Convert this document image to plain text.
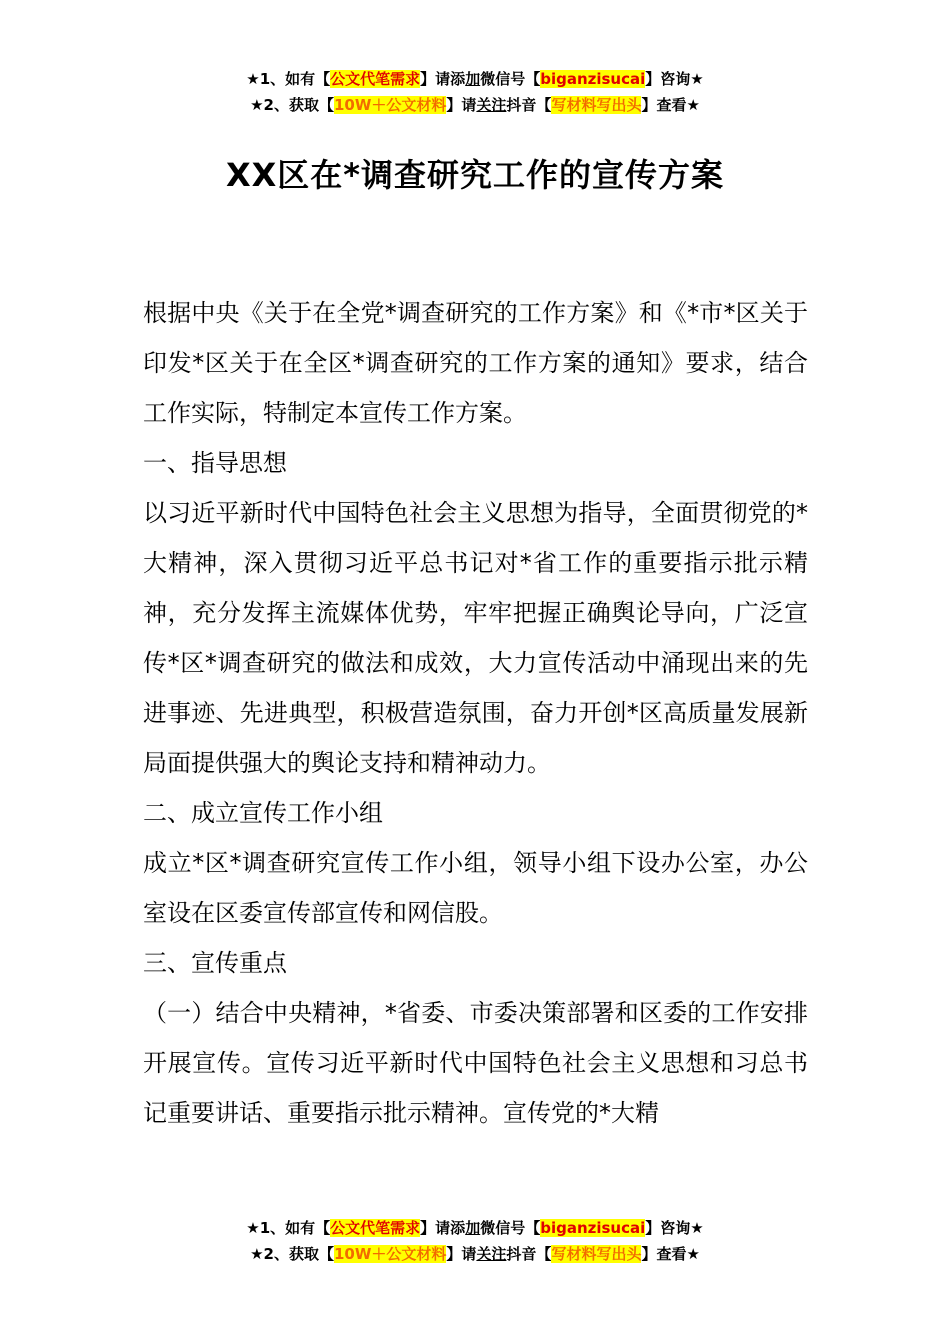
★1、如有【公文代笔需求】请添加微信号【biganzisucai】咨询★
★2、获取【10W＋公文材料】请关注抖音【写材料写出头】查看★
XX区在*调查研究工作的宣传方案

根据中央《关于在全党*调查研究的工作方案》和《*市*区关于印发*区关于在全区*调查研究的工作方案的通知》要求，结合工作实际，特制定本宣传工作方案。

一、指导思想

以习近平新时代中国特色社会主义思想为指导，全面贯彻党的*大精神，深入贯彻习近平总书记对*省工作的重要指示批示精神，充分发挥主流媒体优势，牢牢把握正确舆论导向，广泛宣传*区*调查研究的做法和成效，大力宣传活动中涌现出来的先进事迹、先进典型，积极营造氛围，奋力开创*区高质量发展新局面提供强大的舆论支持和精神动力。

二、成立宣传工作小组

成立*区*调查研究宣传工作小组，领导小组下设办公室，办公室设在区委宣传部宣传和网信股。

三、宣传重点

（一）结合中央精神，*省委、市委决策部署和区委的工作安排开展宣传。宣传习近平新时代中国特色社会主义思想和习总书记重要讲话、重要指示批示精神。宣传党的*大精

★1、如有【公文代笔需求】请添加微信号【biganzisucai】咨询★
★2、获取【10W＋公文材料】请关注抖音【写材料写出头】查看★
